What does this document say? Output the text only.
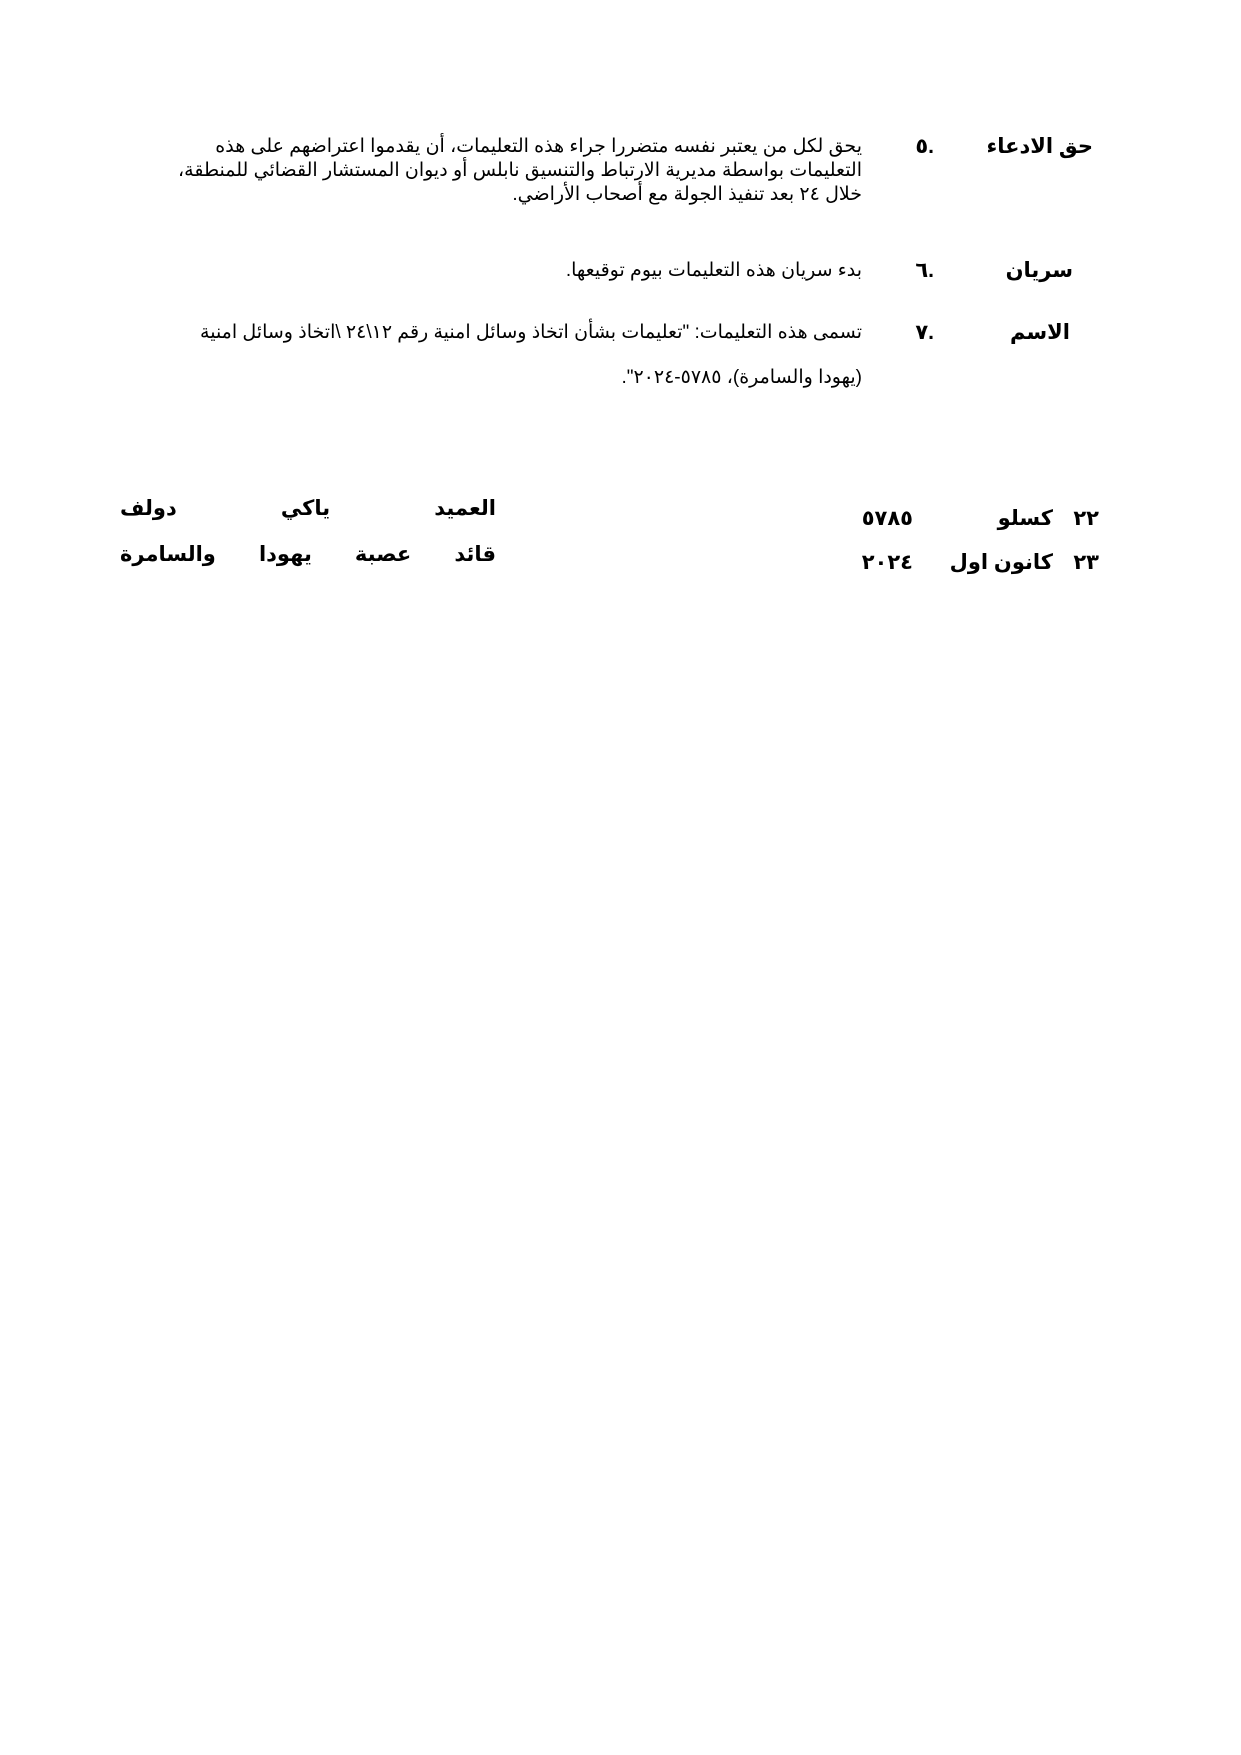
حق الادعاء
.٥
يحق لكل من يعتبر نفسه متضررا جراء هذه التعليمات، أن يقدموا اعتراضهم على هذه
التعليمات بواسطة مديرية الارتباط والتنسيق نابلس أو ديوان المستشار القضائي للمنطقة،
خلال ٢٤ بعد تنفيذ الجولة مع أصحاب الأراضي.
سريان
.٦
بدء سريان هذه التعليمات بيوم توقيعها.
الاسم
.٧
تسمى هذه التعليمات: "تعليمات بشأن اتخاذ وسائل امنية رقم ١٢\٢٤ \اتخاذ وسائل امنية
(يهودا والسامرة)، ٥٧٨٥-٢٠٢٤".
٢٢
كسلو
٥٧٨٥
٢٣
كانون اول
٢٠٢٤
العميد ياكي دولف
قائد عصبة يهودا والسامرة
